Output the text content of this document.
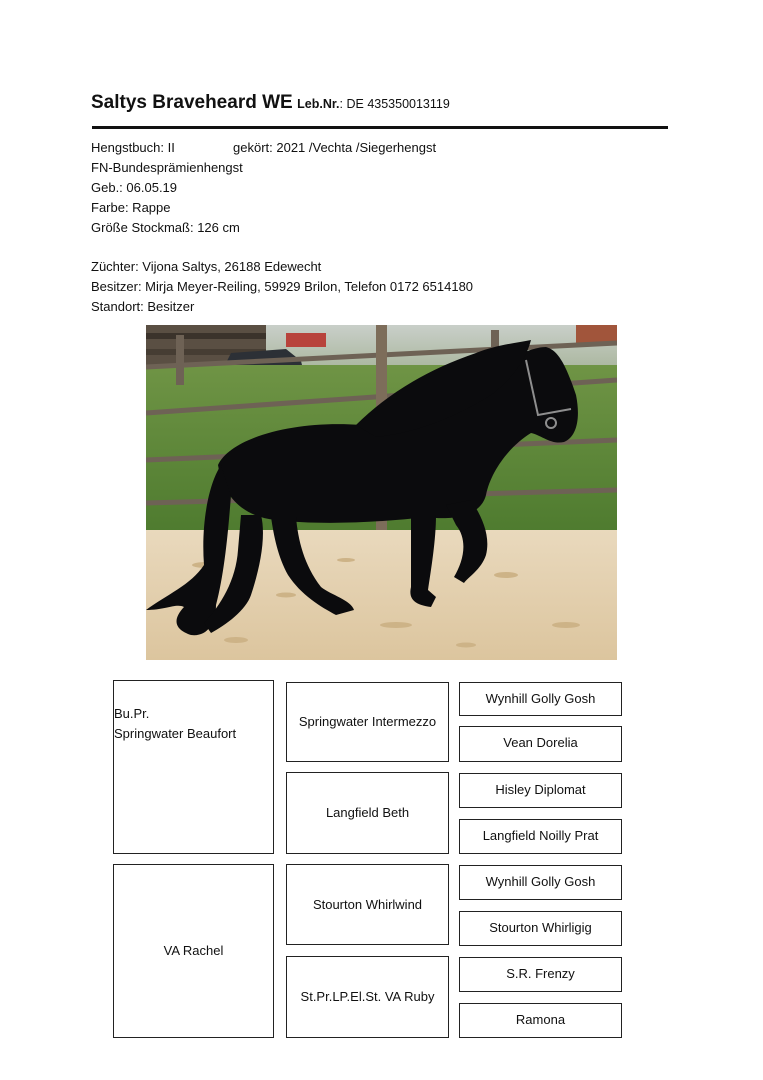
Saltys Braveheard WE Leb.Nr.: DE 435350013119
Hengstbuch: II	gekört: 2021 /Vechta /Siegerhengst
FN-Bundesprämienhengst
Geb.: 06.05.19
Farbe: Rappe
Größe Stockmaß: 126 cm
Züchter: Vijona Saltys, 26188 Edewecht
Besitzer: Mirja Meyer-Reiling, 59929 Brilon, Telefon 0172 6514180
Standort: Besitzer
Bu.Pr.
Springwater Beaufort
VA Rachel
Springwater Intermezzo
Langfield Beth
Stourton Whirlwind
St.Pr.LP.El.St. VA Ruby
Wynhill Golly Gosh
Vean Dorelia
Hisley Diplomat
Langfield Noilly Prat
Wynhill Golly Gosh
Stourton Whirligig
S.R. Frenzy
Ramona
